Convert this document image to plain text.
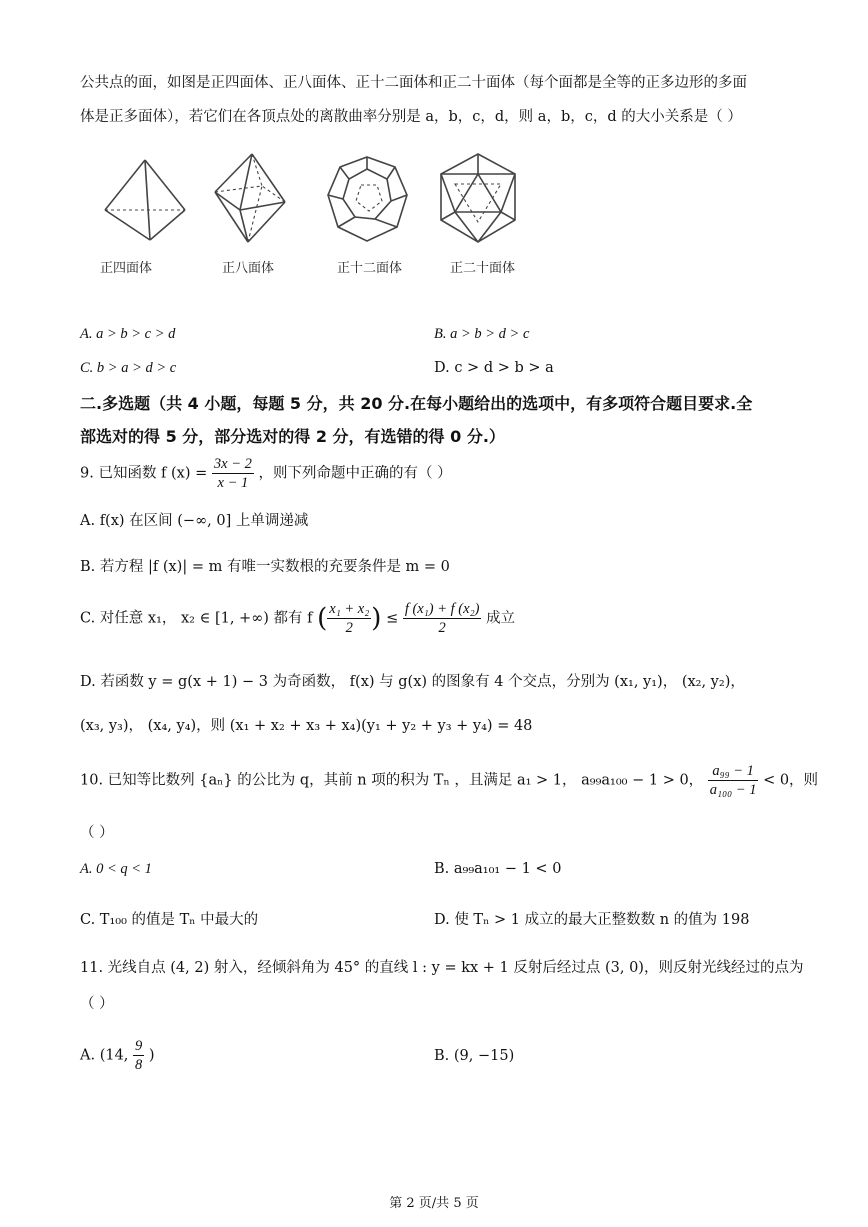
公共点的面，如图是正四面体、正八面体、正十二面体和正二十面体（每个面都是全等的正多边形的多面
体是正多面体），若它们在各顶点处的离散曲率分别是 a，b，c，d，则 a，b，c，d 的大小关系是（ ）
正四面体	正八面体	正十二面体	正二十面体
A. a > b > c > d	B. a > b > d > c
C. b > a > d > c	D. c > d > b > a
二.多选题（共 4 小题，每题 5 分，共 20 分.在每小题给出的选项中，有多项符合题目要求.全
部选对的得 5 分，部分选对的得 2 分，有选错的得 0 分.）
9. 已知函数 f $(x) = \frac{3x - 2}{x - 1}$ ，则下列命题中正确的有（ ）
A. f(x) 在区间 (−∞, 0] 上单调递减
B. 若方程 |f (x)| = m 有唯一实数根的充要条件是 m = 0
C. 对任意 x₁， x₂ ∈ [1, +∞) 都有 f ( $\frac{\text{x₁ + x₂}}{2}$ ) ≤ $\frac{\text{f (x₁) + f (x₂)}}{2}$ 成立
D. 若函数 y = g(x + 1) − 3 为奇函数， f(x) 与 g(x) 的图象有 4 个交点，分别为 (x₁, y₁)， (x₂, y₂)，
(x₃, y₃)， (x₄, y₄)，则 (x₁ + x₂ + x₃ + x₄)(y₁ + y₂ + y₃ + y₄) = 48
10. 已知等比数列 {aₙ} 的公比为 q，其前 n 项的积为 Tₙ ，且满足 a₁ > 1， a₉₉a₁₀₀ − 1 > 0， $\frac{\text{a₉₉ − 1}}{\text{a₁₀₀ − 1}} < 0$，则
（ ）
A. 0 < q < 1	B. a₉₉a₁₀₁ − 1 < 0
C. T₁₀₀ 的值是 Tₙ 中最大的	D. 使 Tₙ > 1 成立的最大正整数数 n 的值为 198
11. 光线自点 (4, 2) 射入，经倾斜角为 45° 的直线 l : y = kx + 1 反射后经过点 (3, 0)，则反射光线经过的点为
（ ）
A. (14, $\frac{9}{8}$ )	B. (9, −15)
第 2 页/共 5 页
